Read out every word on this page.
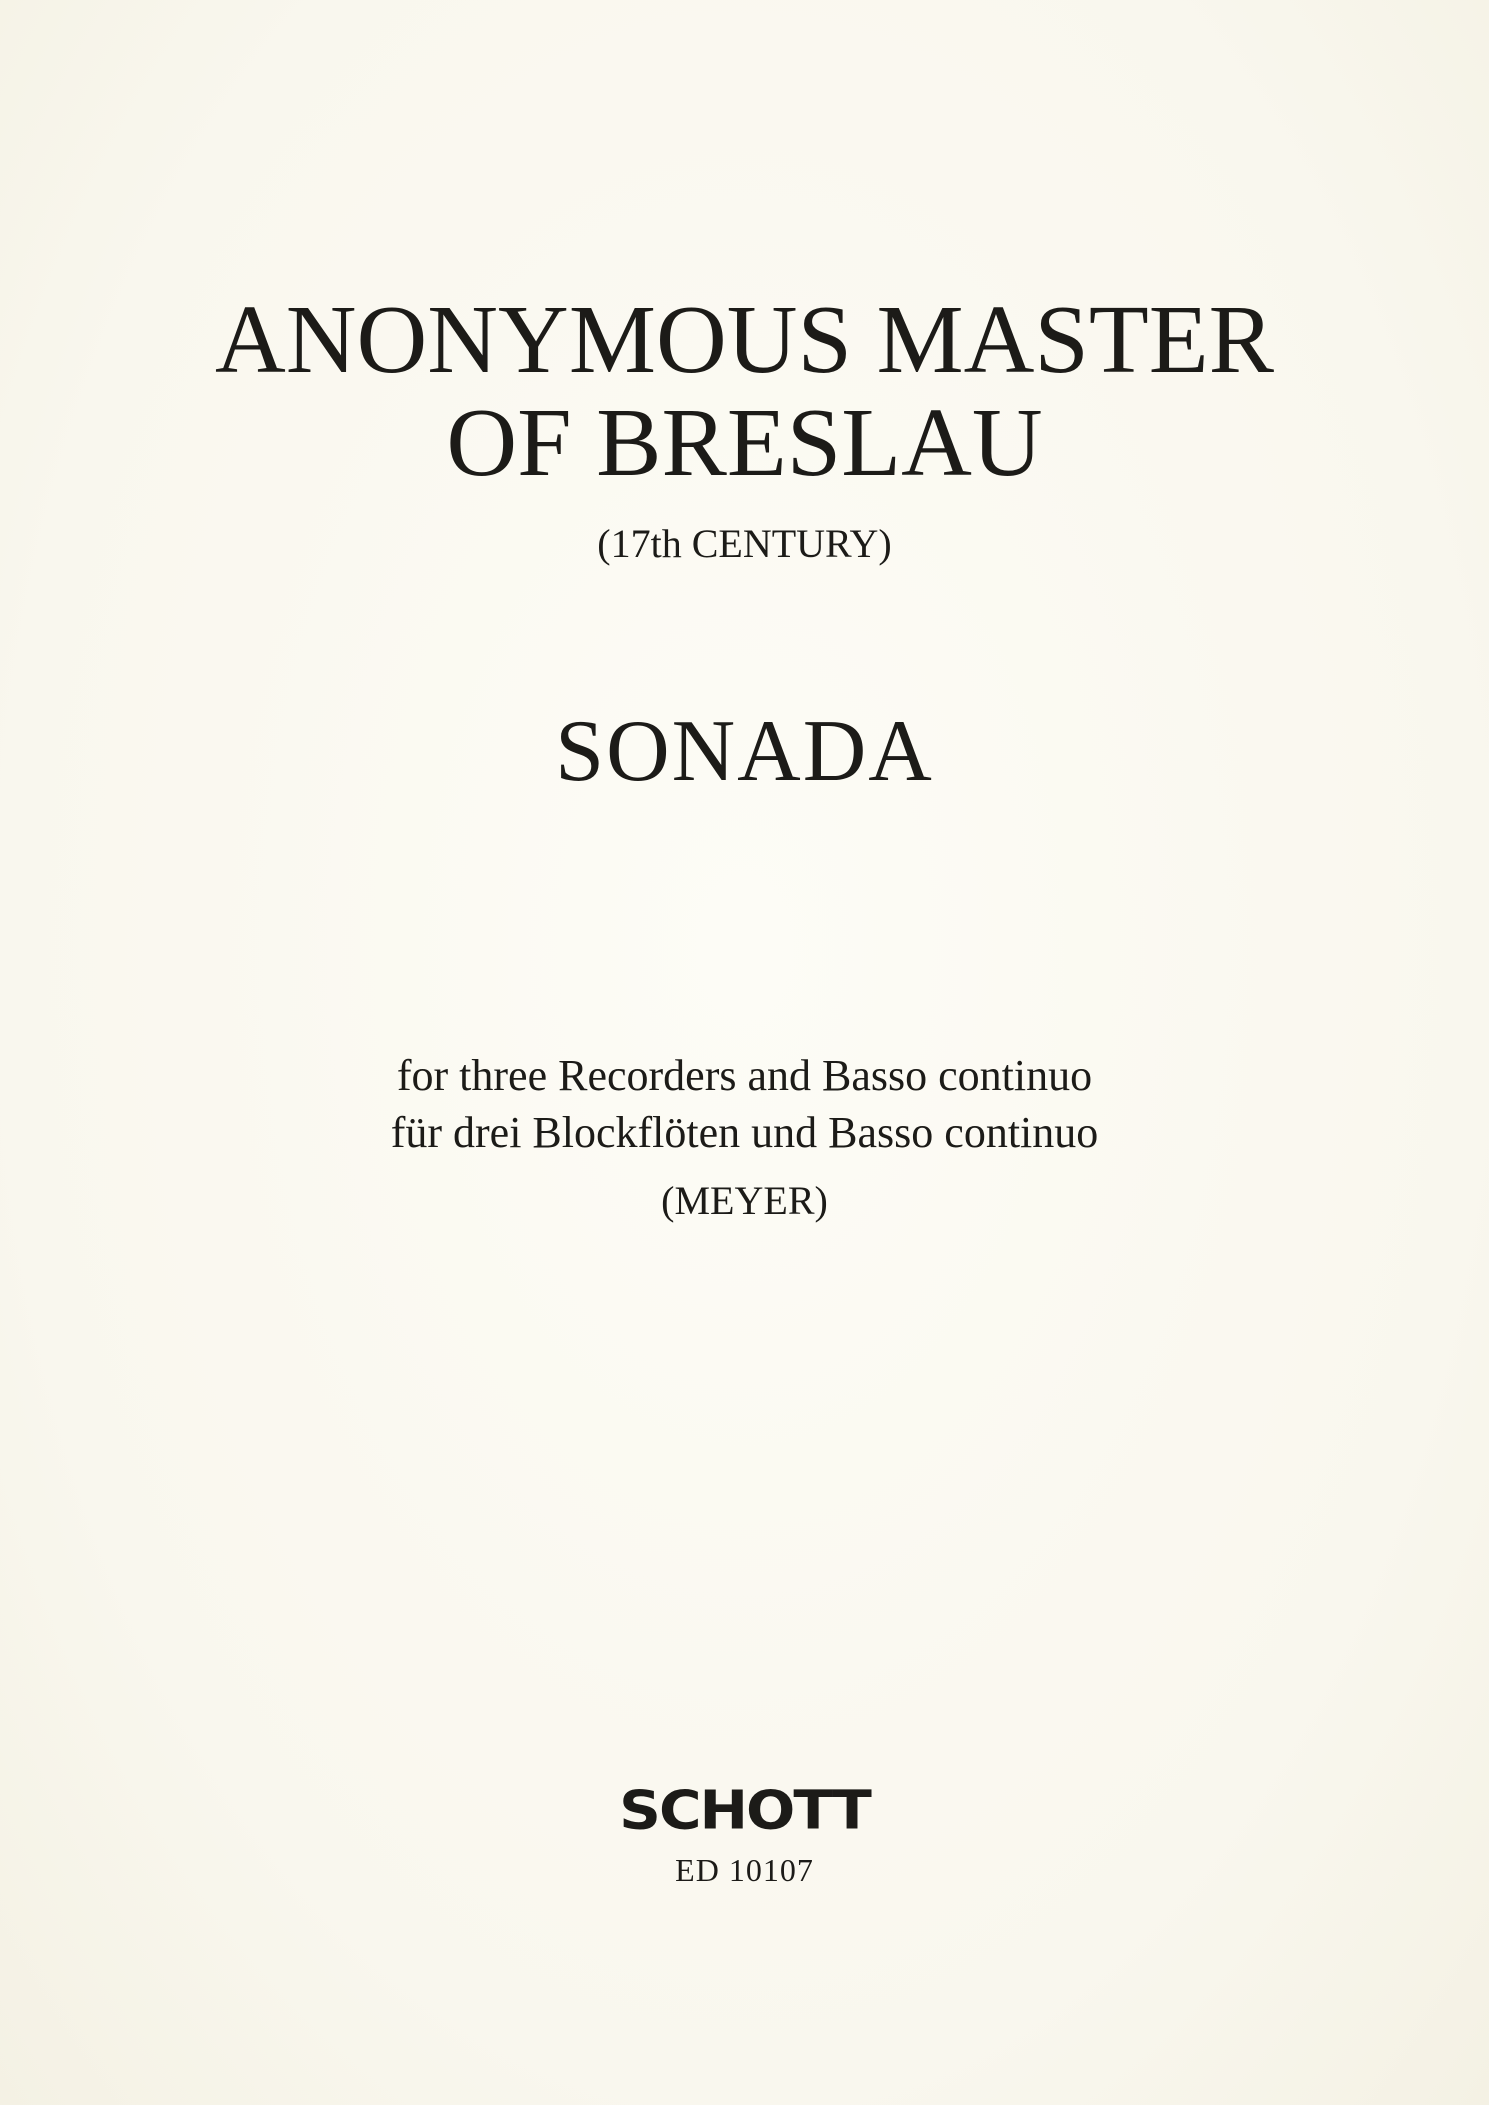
ANONYMOUS MASTER
OF BRESLAU
(17th CENTURY)
SONADA
for three Recorders and Basso continuo
für drei Blockflöten und Basso continuo
(MEYER)
SCHOTT
ED 10107
